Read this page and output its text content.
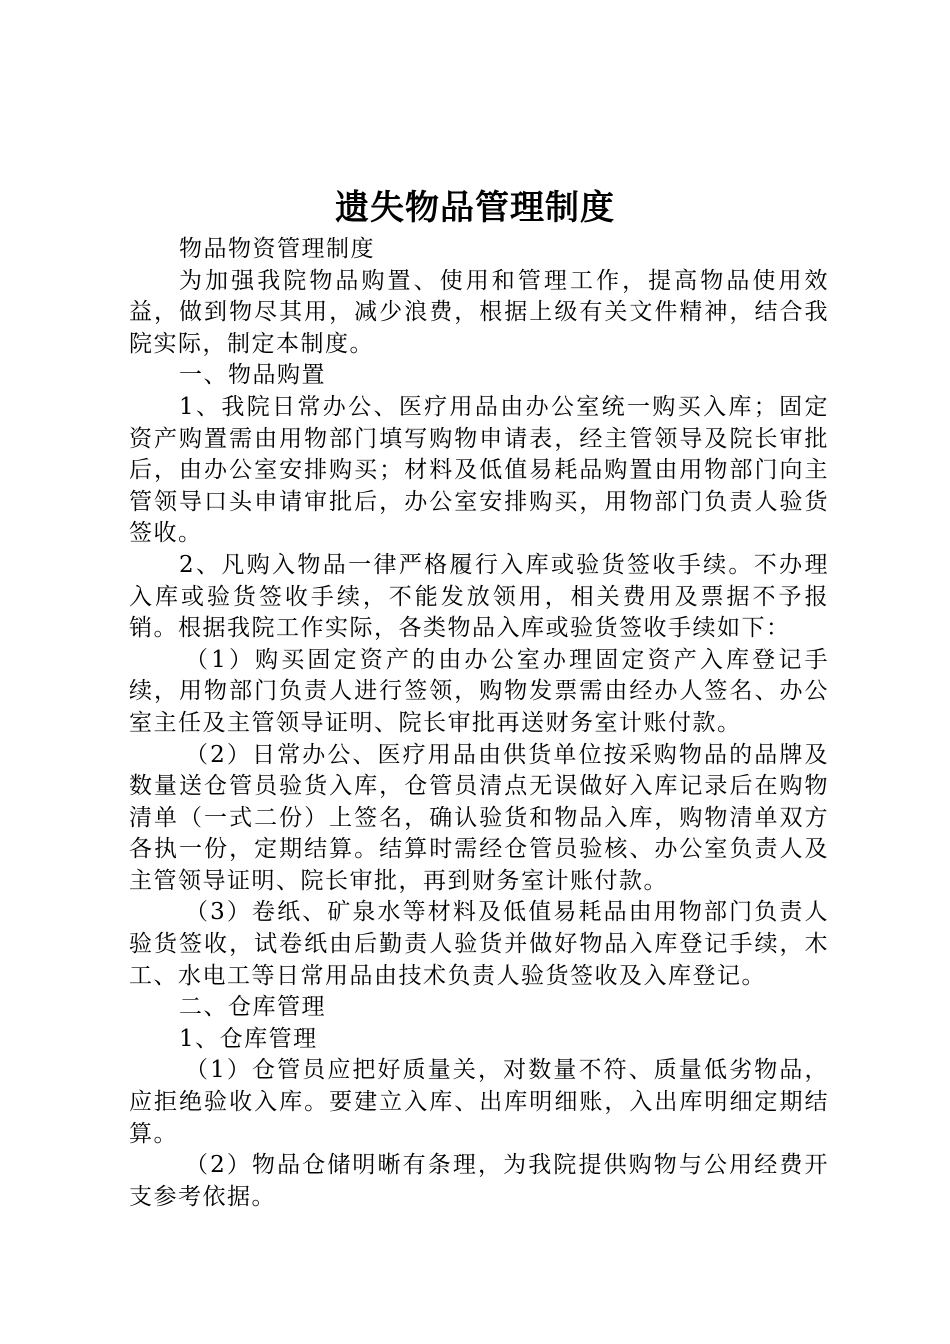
遗失物品管理制度

物品物资管理制度

为加强我院物品购置、使用和管理工作，提高物品使用效益，做到物尽其用，减少浪费，根据上级有关文件精神，结合我院实际，制定本制度。

一、物品购置

1、我院日常办公、医疗用品由办公室统一购买入库；固定资产购置需由用物部门填写购物申请表，经主管领导及院长审批后，由办公室安排购买；材料及低值易耗品购置由用物部门向主管领导口头申请审批后，办公室安排购买，用物部门负责人验货签收。

2、凡购入物品一律严格履行入库或验货签收手续。不办理入库或验货签收手续，不能发放领用，相关费用及票据不予报销。根据我院工作实际，各类物品入库或验货签收手续如下：

（1）购买固定资产的由办公室办理固定资产入库登记手续，用物部门负责人进行签领，购物发票需由经办人签名、办公室主任及主管领导证明、院长审批再送财务室计账付款。

（2）日常办公、医疗用品由供货单位按采购物品的品牌及数量送仓管员验货入库，仓管员清点无误做好入库记录后在购物清单（一式二份）上签名，确认验货和物品入库，购物清单双方各执一份，定期结算。结算时需经仓管员验核、办公室负责人及主管领导证明、院长审批，再到财务室计账付款。

（3）卷纸、矿泉水等材料及低值易耗品由用物部门负责人验货签收，试卷纸由后勤责人验货并做好物品入库登记手续，木工、水电工等日常用品由技术负责人验货签收及入库登记。

二、仓库管理

1、仓库管理

（1）仓管员应把好质量关，对数量不符、质量低劣物品，应拒绝验收入库。要建立入库、出库明细账，入出库明细定期结算。

（2）物品仓储明晰有条理，为我院提供购物与公用经费开支参考依据。
